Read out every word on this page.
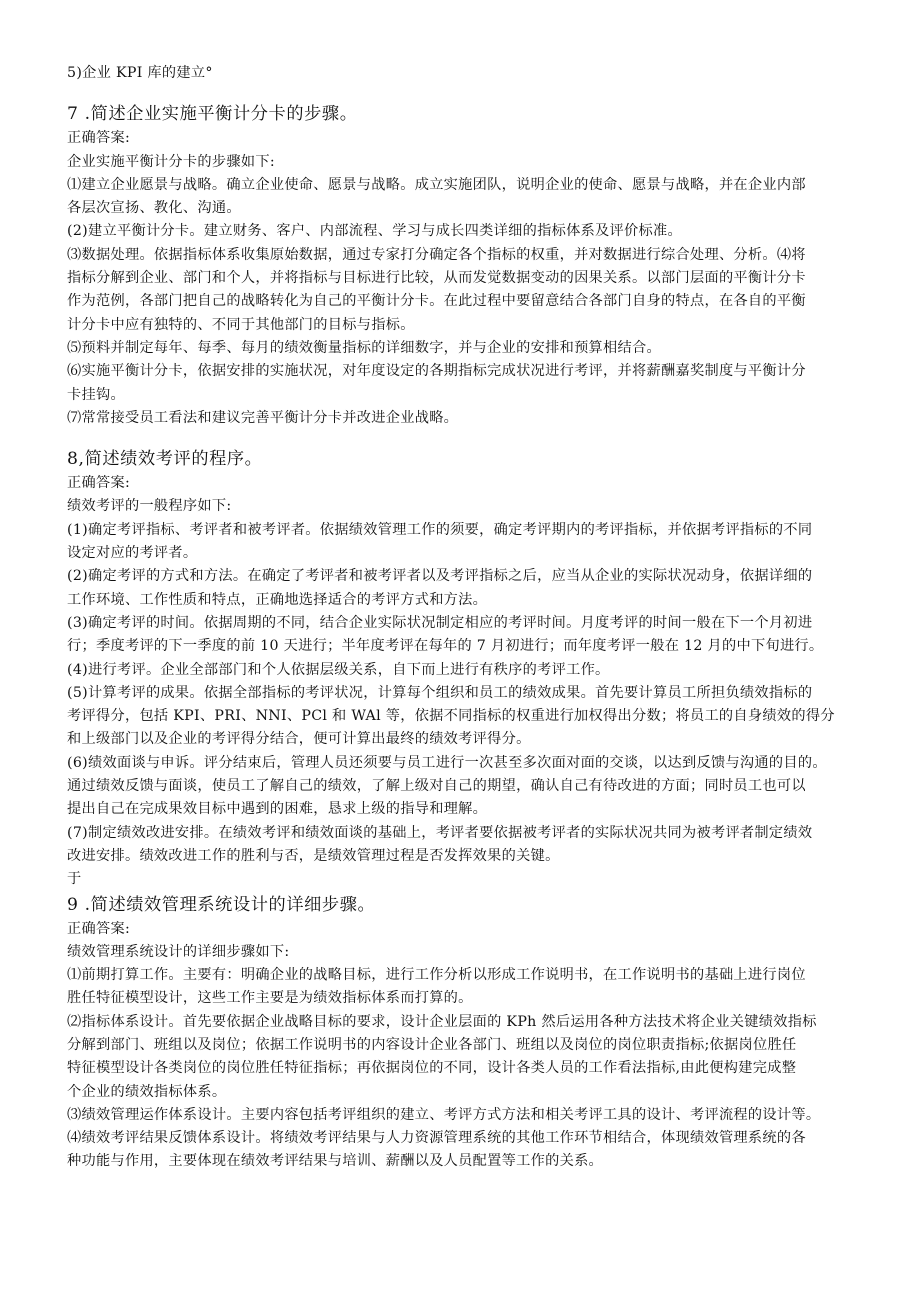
5)企业 KPI 库的建立°

7 .简述企业实施平衡计分卡的步骤。

正确答案:

企业实施平衡计分卡的步骤如下:

⑴建立企业愿景与战略。确立企业使命、愿景与战略。成立实施团队，说明企业的使命、愿景与战略，并在企业内部
各层次宣扬、教化、沟通。

(2)建立平衡计分卡。建立财务、客户、内部流程、学习与成长四类详细的指标体系及评价标准。

⑶数据处理。依据指标体系收集原始数据，通过专家打分确定各个指标的权重，并对数据进行综合处理、分析。⑷将
指标分解到企业、部门和个人，并将指标与目标进行比较，从而发觉数据变动的因果关系。以部门层面的平衡计分卡
作为范例，各部门把自己的战略转化为自己的平衡计分卡。在此过程中要留意结合各部门自身的特点，在各自的平衡
计分卡中应有独特的、不同于其他部门的目标与指标。

⑸预料并制定每年、每季、每月的绩效衡量指标的详细数字，并与企业的安排和预算相结合。

⑹实施平衡计分卡，依据安排的实施状况，对年度设定的各期指标完成状况进行考评，并将薪酬嘉奖制度与平衡计分
卡挂钩。

⑺常常接受员工看法和建议完善平衡计分卡并改进企业战略。

8,简述绩效考评的程序。

正确答案:

绩效考评的一般程序如下:

(1)确定考评指标、考评者和被考评者。依据绩效管理工作的须要，确定考评期内的考评指标，并依据考评指标的不同
设定对应的考评者。

(2)确定考评的方式和方法。在确定了考评者和被考评者以及考评指标之后，应当从企业的实际状况动身，依据详细的
工作环境、工作性质和特点，正确地选择适合的考评方式和方法。

(3)确定考评的时间。依据周期的不同，结合企业实际状况制定相应的考评时间。月度考评的时间一般在下一个月初进
行；季度考评的下一季度的前 10 天进行；半年度考评在每年的 7 月初进行；而年度考评一般在 12 月的中下旬进行。

(4)进行考评。企业全部部门和个人依据层级关系，自下而上进行有秩序的考评工作。

(5)计算考评的成果。依据全部指标的考评状况，计算每个组织和员工的绩效成果。首先要计算员工所担负绩效指标的
考评得分，包括 KPI、PRI、NNI、PCl 和 WAl 等，依据不同指标的权重进行加权得出分数；将员工的自身绩效的得分
和上级部门以及企业的考评得分结合，便可计算出最终的绩效考评得分。

(6)绩效面谈与申诉。评分结束后，管理人员还须要与员工进行一次甚至多次面对面的交谈，以达到反馈与沟通的目的。
通过绩效反馈与面谈，使员工了解自己的绩效，了解上级对自己的期望，确认自己有待改进的方面；同时员工也可以
提出自己在完成果效目标中遇到的困难，恳求上级的指导和理解。

(7)制定绩效改进安排。在绩效考评和绩效面谈的基础上，考评者要依据被考评者的实际状况共同为被考评者制定绩效
改进安排。绩效改进工作的胜利与否，是绩效管理过程是否发挥效果的关键。

于

9 .简述绩效管理系统设计的详细步骤。

正确答案:

绩效管理系统设计的详细步骤如下:

⑴前期打算工作。主要有：明确企业的战略目标，进行工作分析以形成工作说明书，在工作说明书的基础上进行岗位
胜任特征模型设计，这些工作主要是为绩效指标体系而打算的。

⑵指标体系设计。首先要依据企业战略目标的要求，设计企业层面的 KPh 然后运用各种方法技术将企业关键绩效指标
分解到部门、班组以及岗位；依据工作说明书的内容设计企业各部门、班组以及岗位的岗位职责指标;依据岗位胜任
特征模型设计各类岗位的岗位胜任特征指标；再依据岗位的不同，设计各类人员的工作看法指标,由此便构建完成整
个企业的绩效指标体系。

⑶绩效管理运作体系设计。主要内容包括考评组织的建立、考评方式方法和相关考评工具的设计、考评流程的设计等。

⑷绩效考评结果反馈体系设计。将绩效考评结果与人力资源管理系统的其他工作环节相结合，体现绩效管理系统的各
种功能与作用，主要体现在绩效考评结果与培训、薪酬以及人员配置等工作的关系。
